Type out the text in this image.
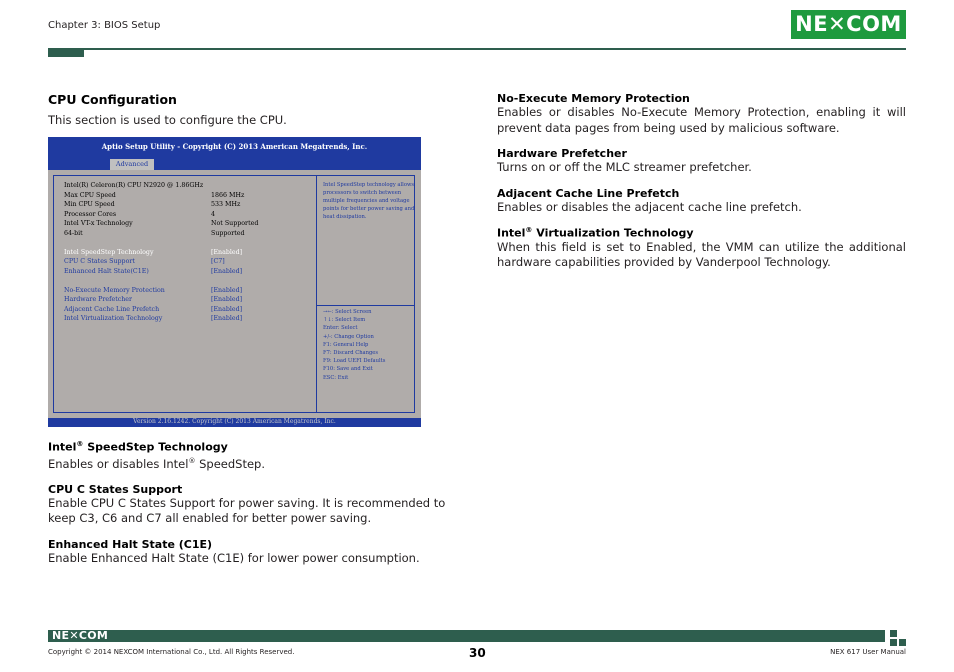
Chapter 3: BIOS Setup	NE✕COM
CPU Configuration

This section is used to configure the CPU.

Aptio Setup Utility - Copyright (C) 2013 American Megatrends, Inc.
Advanced
Intel(R) Celeron(R) CPU N2920 @ 1.86GHz
Max CPU Speed	1866 MHz
Min CPU Speed	533 MHz
Processor Cores	4
Intel VT-x Technology	Not Supported
64-bit	Supported
Intel SpeedStep Technology	[Enabled]
CPU C States Support	[C7]
Enhanced Halt State(C1E)	[Enabled]
No-Execute Memory Protection	[Enabled]
Hardware Prefetcher	[Enabled]
Adjacent Cache Line Prefetch	[Enabled]
Intel Virtualization Technology	[Enabled]
Intel SpeedStep technology allows processors to switch between multiple frequencies and voltage points for better power saving and heat dissipation.
→←: Select Screen
↑↓: Select Item
Enter: Select
+/-: Change Option
F1: General Help
F7: Discard Changes
F9: Load UEFI Defaults
F10: Save and Exit
ESC: Exit
Version 2.16.1242. Copyright (C) 2013 American Megatrends, Inc.
Intel® SpeedStep Technology
Enables or disables Intel® SpeedStep.
CPU C States Support
Enable CPU C States Support for power saving. It is recommended to keep C3, C6 and C7 all enabled for better power saving.
Enhanced Halt State (C1E)
Enable Enhanced Halt State (C1E) for lower power consumption.
No-Execute Memory Protection
Enables or disables No-Execute Memory Protection, enabling it will prevent data pages from being used by malicious software.
Hardware Prefetcher
Turns on or off the MLC streamer prefetcher.
Adjacent Cache Line Prefetch
Enables or disables the adjacent cache line prefetch.
Intel® Virtualization Technology
When this field is set to Enabled, the VMM can utilize the additional hardware capabilities provided by Vanderpool Technology.
NE✕COM
Copyright © 2014 NEXCOM International Co., Ltd. All Rights Reserved.	30	NEX 617 User Manual
